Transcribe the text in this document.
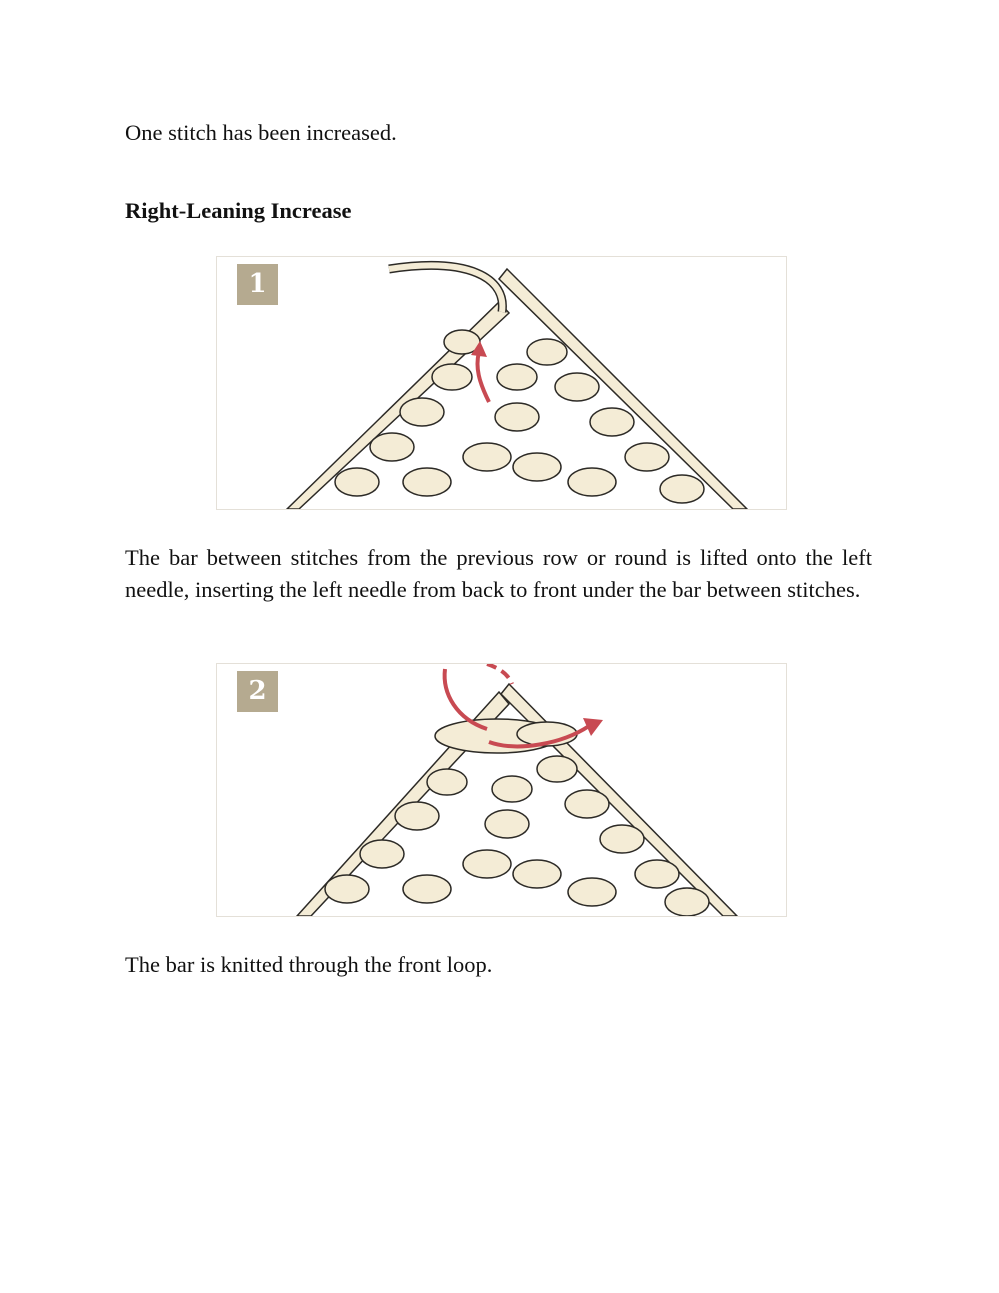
One stitch has been increased.

Right-Leaning Increase
1

The bar between stitches from the previous row or round is lifted onto the left needle, inserting the left needle from back to front under the bar between stitches.

2

The bar is knitted through the front loop.
